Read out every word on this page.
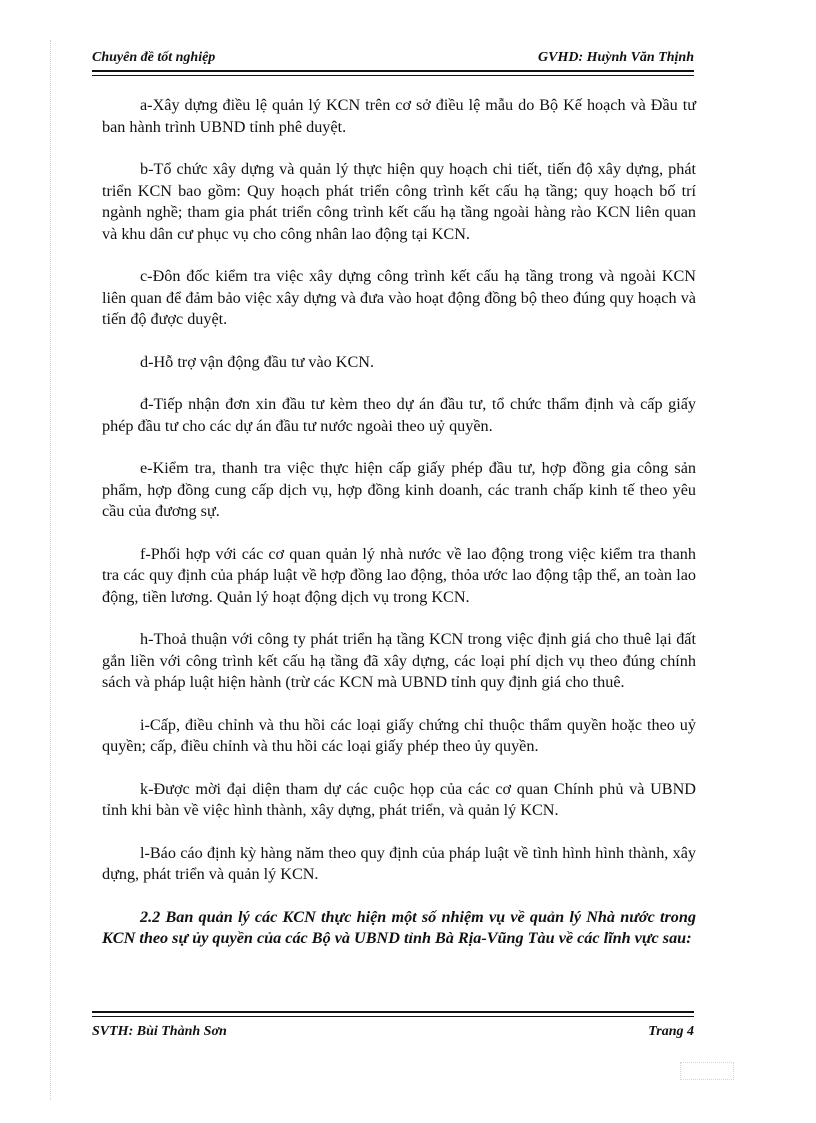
Chuyên đề tốt nghiệp	GVHD: Huỳnh Văn Thịnh

a-Xây dựng điều lệ quản lý KCN trên cơ sở điều lệ mẫu do Bộ Kế hoạch và Đầu tư ban hành trình UBND tỉnh phê duyệt.

b-Tổ chức xây dựng và quản lý thực hiện quy hoạch chi tiết, tiến độ xây dựng, phát triển KCN bao gồm: Quy hoạch phát triển công trình kết cấu hạ tầng; quy hoạch bố trí ngành nghề; tham gia phát triển công trình kết cấu hạ tầng ngoài hàng rào KCN liên quan và khu dân cư phục vụ cho công nhân lao động tại KCN.

c-Đôn đốc kiểm tra việc xây dựng công trình kết cấu hạ tầng trong và ngoài KCN liên quan để đảm bảo việc xây dựng và đưa vào hoạt động đồng bộ theo đúng quy hoạch và tiến độ được duyệt.

d-Hỗ trợ vận động đầu tư vào KCN.

đ-Tiếp nhận đơn xin đầu tư kèm theo dự án đầu tư, tổ chức thẩm định và cấp giấy phép đầu tư cho các dự án đầu tư nước ngoài theo uỷ quyền.

e-Kiểm tra, thanh tra việc thực hiện cấp giấy phép đầu tư, hợp đồng gia công sản phẩm, hợp đồng cung cấp dịch vụ, hợp đồng kinh doanh, các tranh chấp kinh tế theo yêu cầu của đương sự.

f-Phối hợp với các cơ quan quản lý nhà nước về lao động trong việc kiểm tra thanh tra các quy định của pháp luật về hợp đồng lao động, thỏa ước lao động tập thể, an toàn lao động, tiền lương. Quản lý hoạt động dịch vụ trong KCN.

h-Thoả thuận với công ty phát triển hạ tầng KCN trong việc định giá cho thuê lại đất gắn liền với công trình kết cấu hạ tầng đã xây dựng, các loại phí dịch vụ theo đúng chính sách và pháp luật hiện hành (trừ các KCN mà UBND tỉnh quy định giá cho thuê.

i-Cấp, điều chỉnh và thu hồi các loại giấy chứng chỉ thuộc thẩm quyền hoặc theo uỷ quyền; cấp, điều chỉnh và thu hồi các loại giấy phép theo ủy quyền.

k-Được mời đại diện tham dự các cuộc họp của các cơ quan Chính phủ và UBND tỉnh khi bàn về việc hình thành, xây dựng, phát triển, và quản lý KCN.

l-Báo cáo định kỳ hàng năm theo quy định của pháp luật về tình hình hình thành, xây dựng, phát triển và quản lý KCN.

2.2 Ban quản lý các KCN thực hiện một số nhiệm vụ về quản lý Nhà nước trong KCN theo sự ủy quyền của các Bộ và UBND tỉnh Bà Rịa-Vũng Tàu về các lĩnh vực sau:

SVTH: Bùi Thành Sơn	Trang 4
